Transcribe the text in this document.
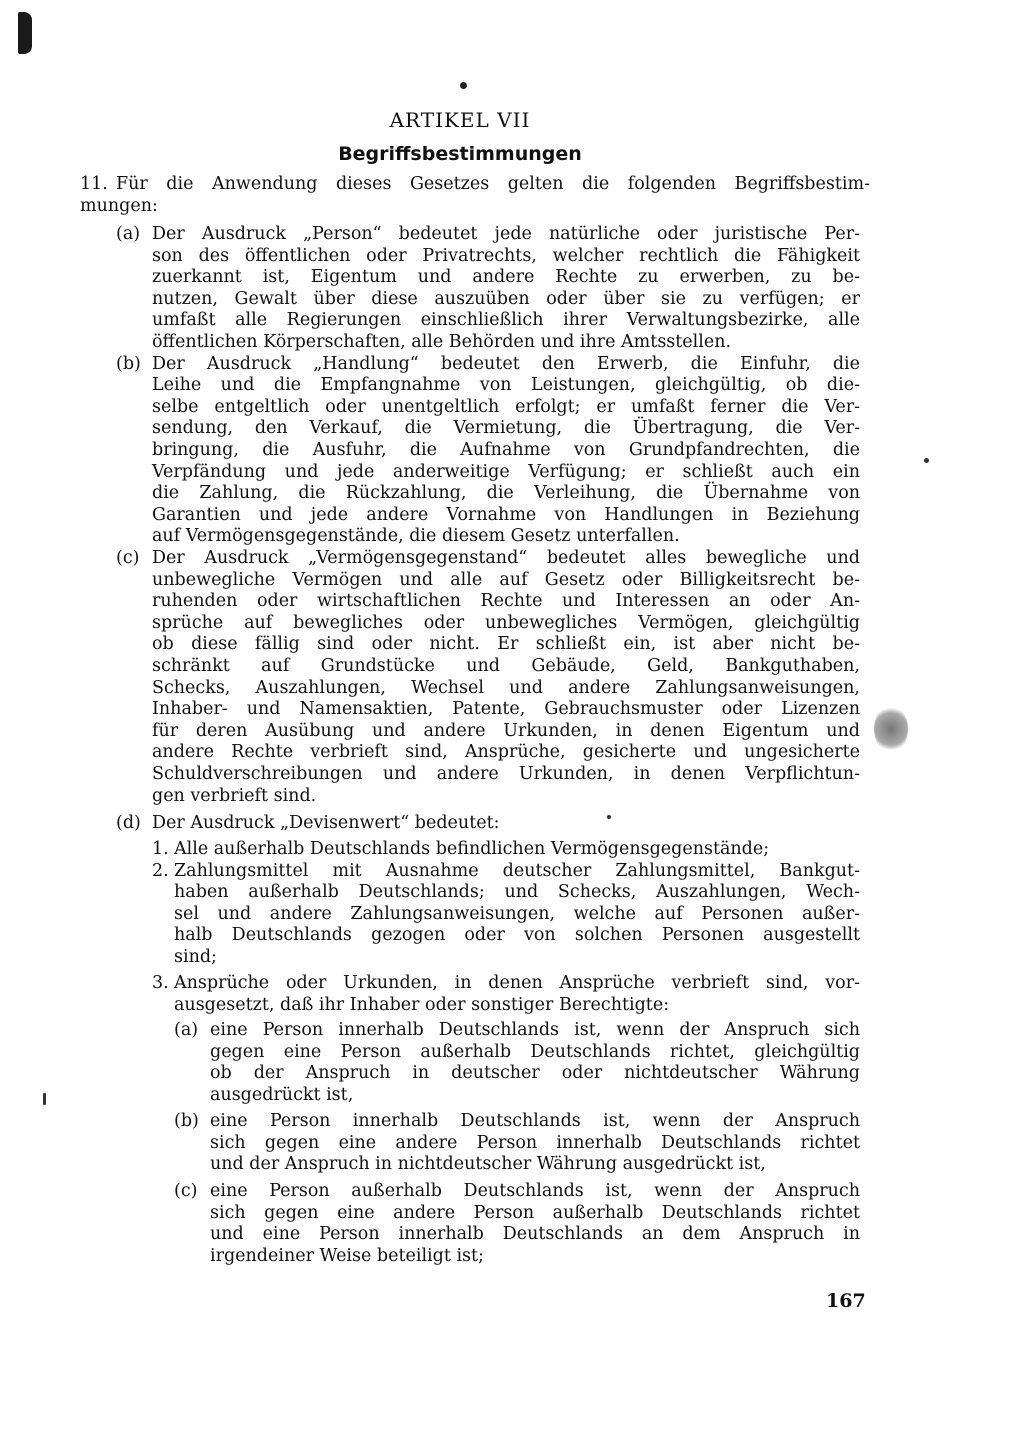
ARTIKEL VII
Begriffsbestimmungen
11. Für die Anwendung dieses Gesetzes gelten die folgenden Begriffsbestim-
mungen:
(a) Der Ausdruck „Person“ bedeutet jede natürliche oder juristische Per-
son des öffentlichen oder Privatrechts, welcher rechtlich die Fähigkeit
zuerkannt ist, Eigentum und andere Rechte zu erwerben, zu be-
nutzen, Gewalt über diese auszuüben oder über sie zu verfügen; er
umfaßt alle Regierungen einschließlich ihrer Verwaltungsbezirke, alle
öffentlichen Körperschaften, alle Behörden und ihre Amtsstellen.
(b) Der Ausdruck „Handlung“ bedeutet den Erwerb, die Einfuhr, die
Leihe und die Empfangnahme von Leistungen, gleichgültig, ob die-
selbe entgeltlich oder unentgeltlich erfolgt; er umfaßt ferner die Ver-
sendung, den Verkauf, die Vermietung, die Übertragung, die Ver-
bringung, die Ausfuhr, die Aufnahme von Grundpfandrechten, die
Verpfändung und jede anderweitige Verfügung; er schließt auch ein
die Zahlung, die Rückzahlung, die Verleihung, die Übernahme von
Garantien und jede andere Vornahme von Handlungen in Beziehung
auf Vermögensgegenstände, die diesem Gesetz unterfallen.
(c) Der Ausdruck „Vermögensgegenstand“ bedeutet alles bewegliche und
unbewegliche Vermögen und alle auf Gesetz oder Billigkeitsrecht be-
ruhenden oder wirtschaftlichen Rechte und Interessen an oder An-
sprüche auf bewegliches oder unbewegliches Vermögen, gleichgültig
ob diese fällig sind oder nicht. Er schließt ein, ist aber nicht be-
schränkt auf Grundstücke und Gebäude, Geld, Bankguthaben,
Schecks, Auszahlungen, Wechsel und andere Zahlungsanweisungen,
Inhaber- und Namensaktien, Patente, Gebrauchsmuster oder Lizenzen
für deren Ausübung und andere Urkunden, in denen Eigentum und
andere Rechte verbrieft sind, Ansprüche, gesicherte und ungesicherte
Schuldverschreibungen und andere Urkunden, in denen Verpflichtun-
gen verbrieft sind.
(d) Der Ausdruck „Devisenwert“ bedeutet:
1. Alle außerhalb Deutschlands befindlichen Vermögensgegenstände;
2. Zahlungsmittel mit Ausnahme deutscher Zahlungsmittel, Bankgut-
haben außerhalb Deutschlands; und Schecks, Auszahlungen, Wech-
sel und andere Zahlungsanweisungen, welche auf Personen außer-
halb Deutschlands gezogen oder von solchen Personen ausgestellt
sind;
3. Ansprüche oder Urkunden, in denen Ansprüche verbrieft sind, vor-
ausgesetzt, daß ihr Inhaber oder sonstiger Berechtigte:
(a) eine Person innerhalb Deutschlands ist, wenn der Anspruch sich
gegen eine Person außerhalb Deutschlands richtet, gleichgültig
ob der Anspruch in deutscher oder nichtdeutscher Währung
ausgedrückt ist,
(b) eine Person innerhalb Deutschlands ist, wenn der Anspruch
sich gegen eine andere Person innerhalb Deutschlands richtet
und der Anspruch in nichtdeutscher Währung ausgedrückt ist,
(c) eine Person außerhalb Deutschlands ist, wenn der Anspruch
sich gegen eine andere Person außerhalb Deutschlands richtet
und eine Person innerhalb Deutschlands an dem Anspruch in
irgendeiner Weise beteiligt ist;
167
